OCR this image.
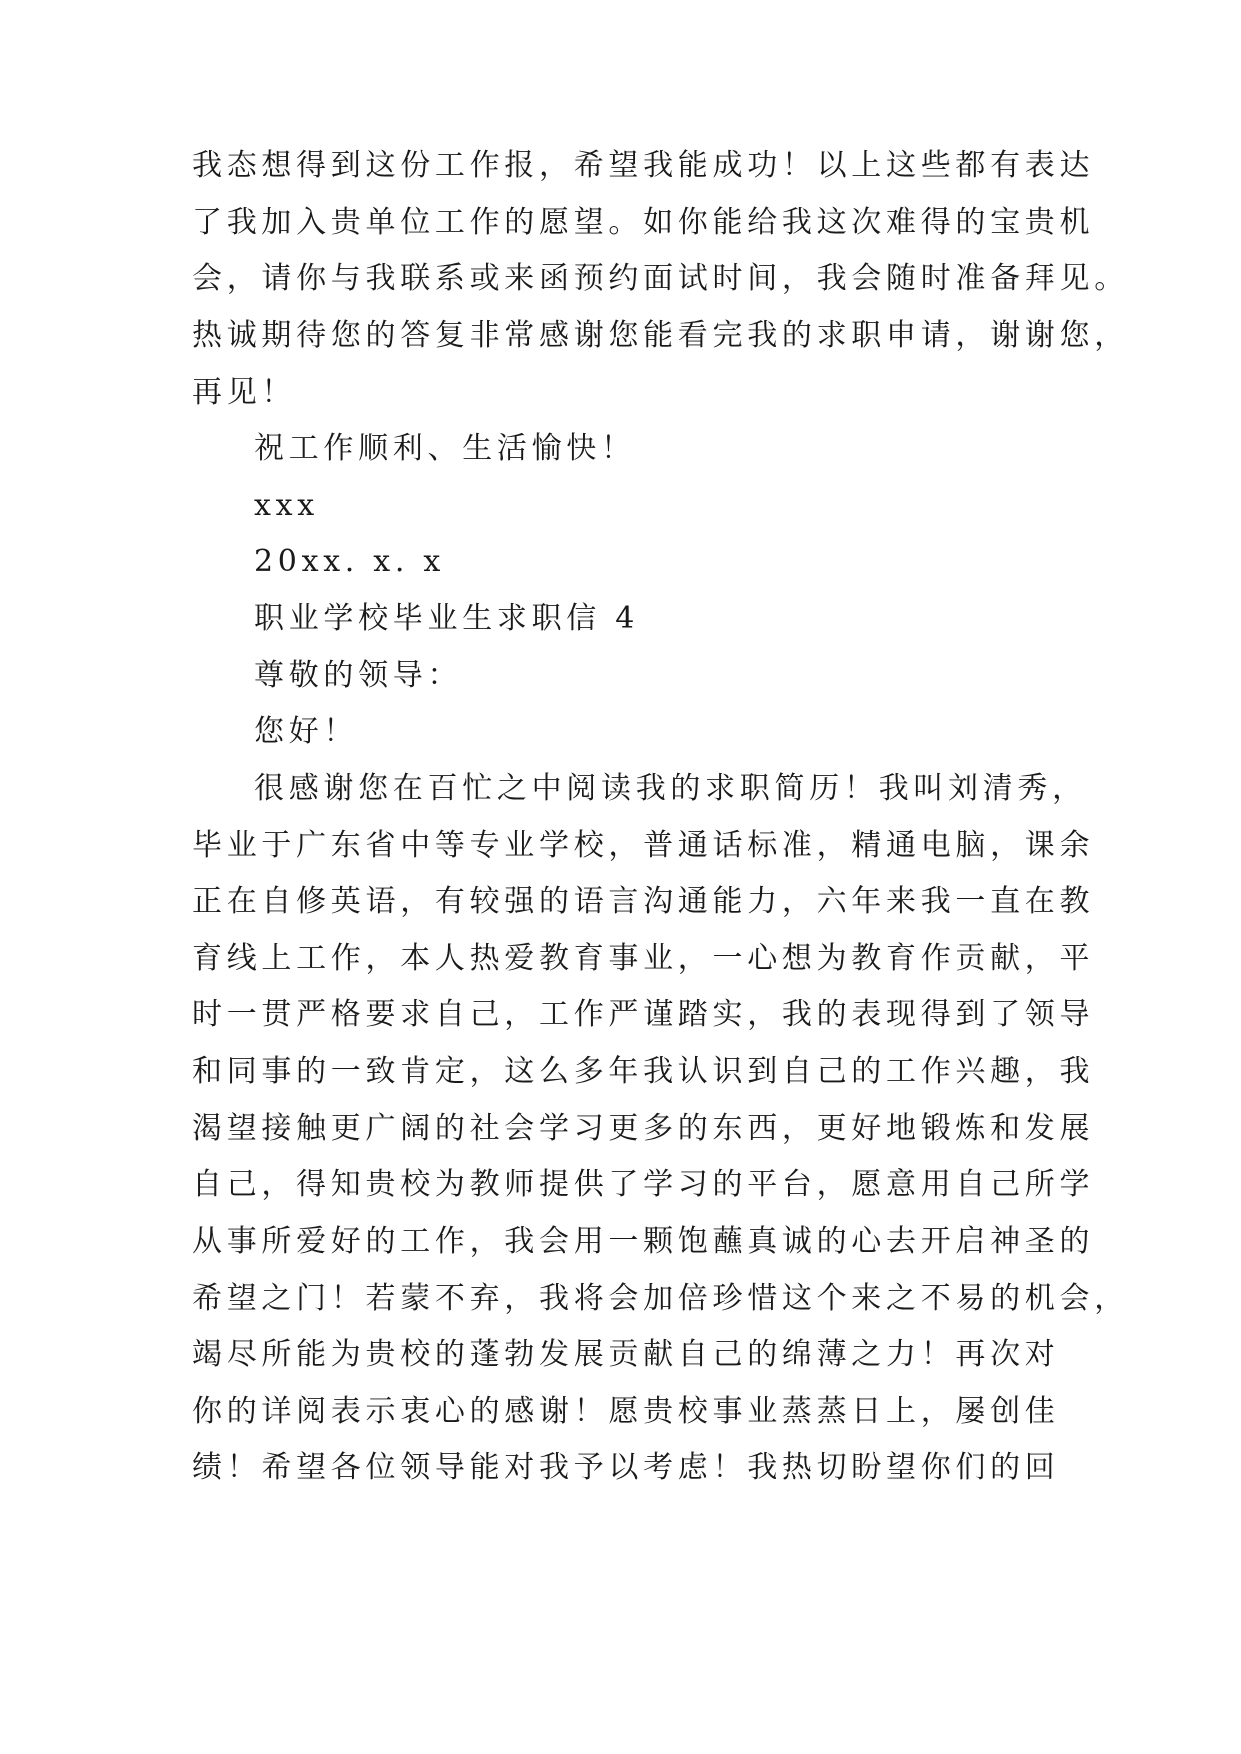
我态想得到这份工作报，希望我能成功！以上这些都有表达
了我加入贵单位工作的愿望。如你能给我这次难得的宝贵机
会，请你与我联系或来函预约面试时间，我会随时准备拜见。
热诚期待您的答复非常感谢您能看完我的求职申请，谢谢您，
再见！
祝工作顺利、生活愉快！
xxx
20xx. x. x
职业学校毕业生求职信 4
尊敬的领导：
您好！
很感谢您在百忙之中阅读我的求职简历！我叫刘清秀，
毕业于广东省中等专业学校，普通话标准，精通电脑，课余
正在自修英语，有较强的语言沟通能力，六年来我一直在教
育线上工作，本人热爱教育事业，一心想为教育作贡献，平
时一贯严格要求自己，工作严谨踏实，我的表现得到了领导
和同事的一致肯定，这么多年我认识到自己的工作兴趣，我
渴望接触更广阔的社会学习更多的东西，更好地锻炼和发展
自己，得知贵校为教师提供了学习的平台，愿意用自己所学
从事所爱好的工作，我会用一颗饱蘸真诚的心去开启神圣的
希望之门！若蒙不弃，我将会加倍珍惜这个来之不易的机会，
竭尽所能为贵校的蓬勃发展贡献自己的绵薄之力！再次对
你的详阅表示衷心的感谢！愿贵校事业蒸蒸日上，屡创佳
绩！希望各位领导能对我予以考虑！我热切盼望你们的回
